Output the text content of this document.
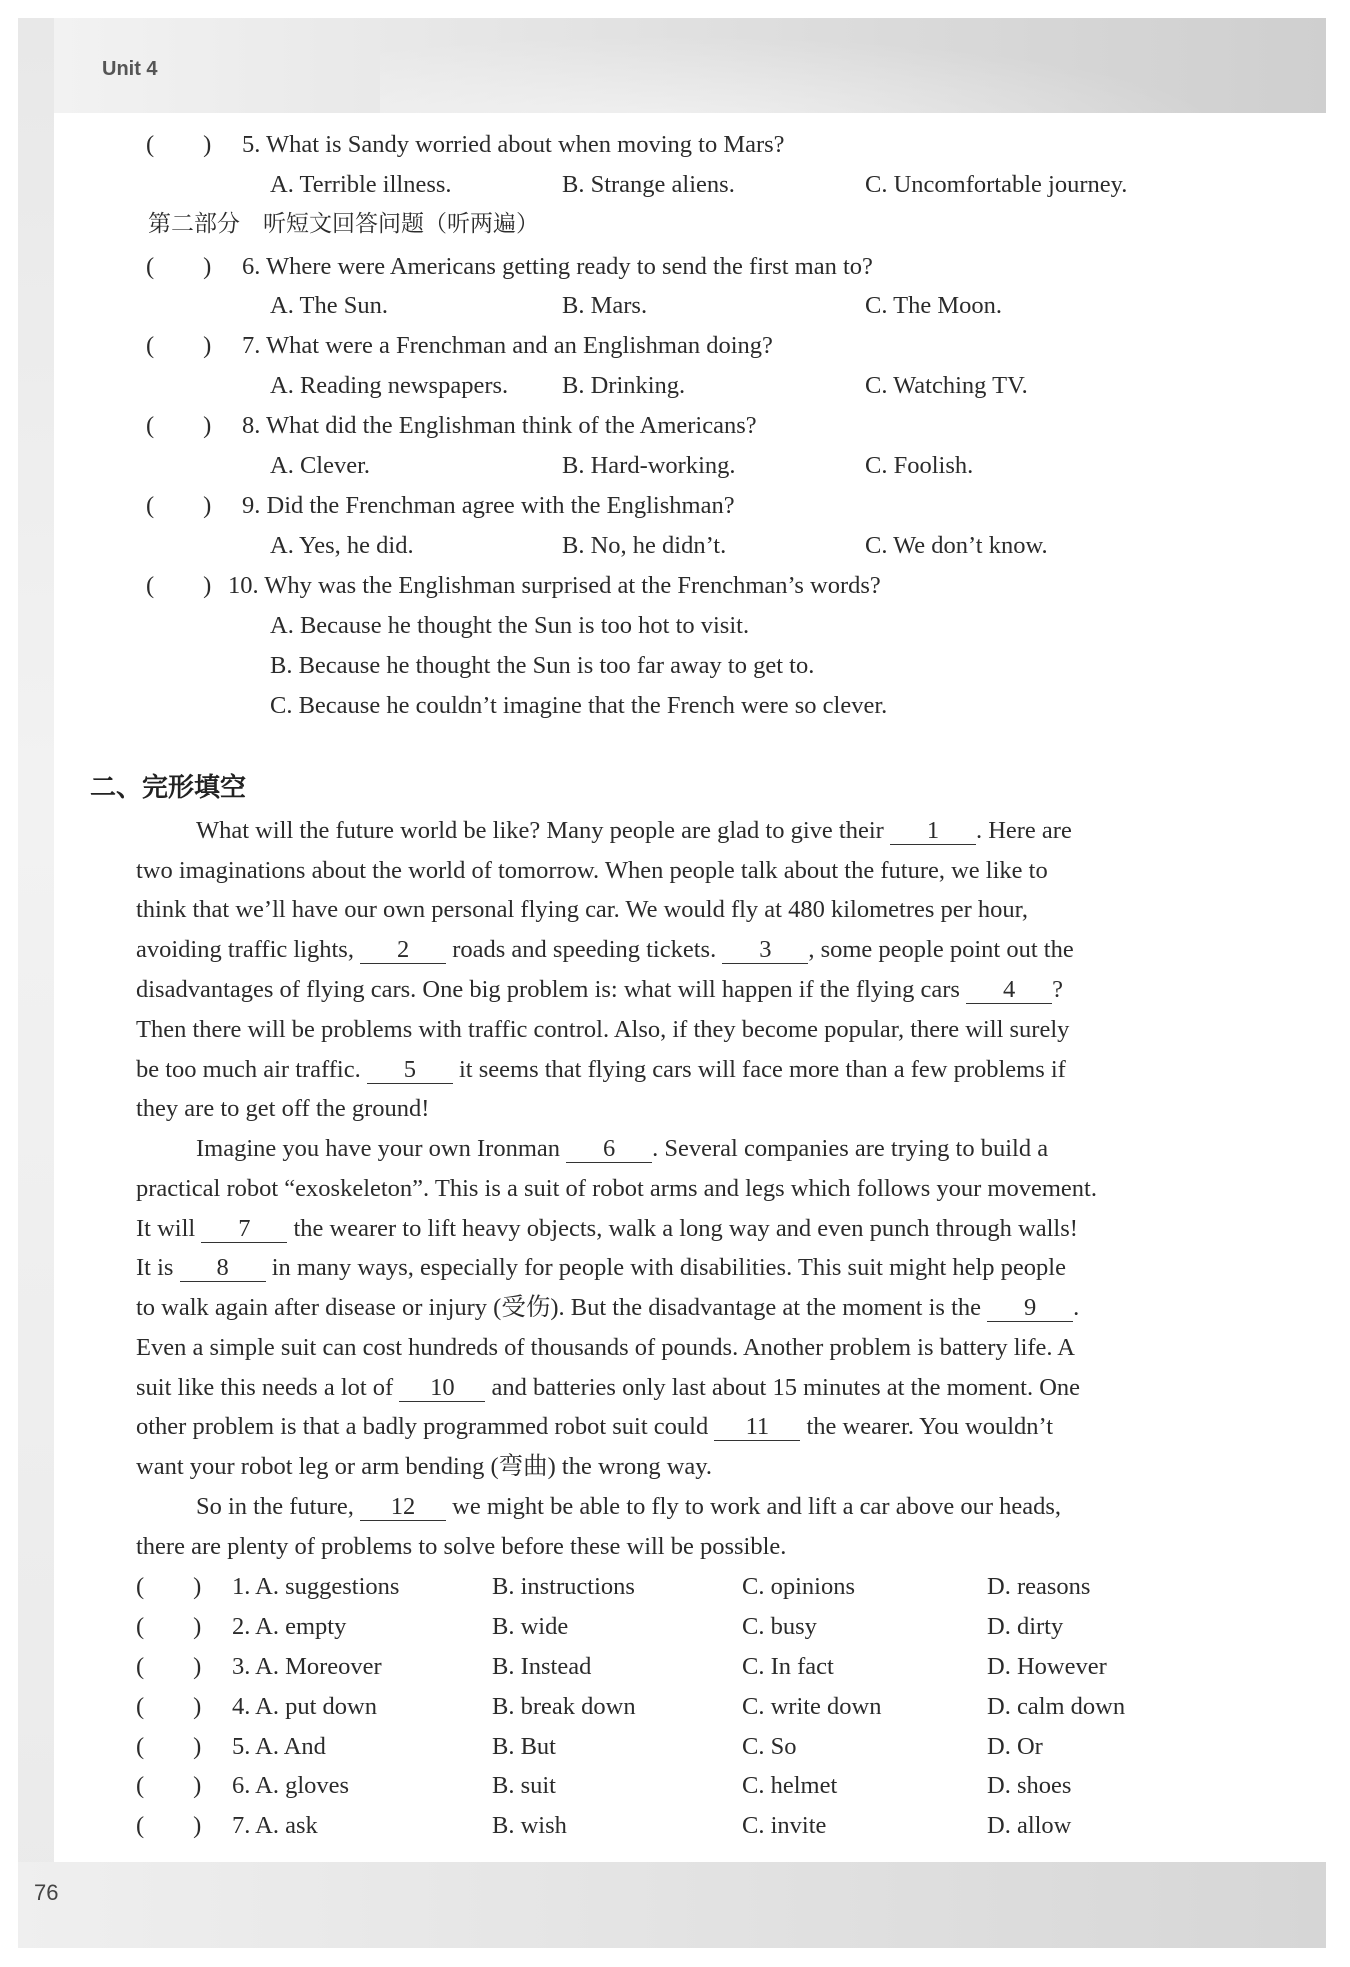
Unit 4
76
(　　) 5. What is Sandy worried about when moving to Mars?
A. Terrible illness.	B. Strange aliens.	C. Uncomfortable journey.
第二部分　听短文回答问题（听两遍）
(　　) 6. Where were Americans getting ready to send the first man to?
A. The Sun.	B. Mars.	C. The Moon.
(　　) 7. What were a Frenchman and an Englishman doing?
A. Reading newspapers. B. Drinking.	C. Watching TV.
(　　) 8. What did the Englishman think of the Americans?
A. Clever.	B. Hard-working.	C. Foolish.
(　　) 9. Did the Frenchman agree with the Englishman?
A. Yes, he did.	B. No, he didn’t.	C. We don’t know.
(　　) 10. Why was the Englishman surprised at the Frenchman’s words?
A. Because he thought the Sun is too hot to visit.
B. Because he thought the Sun is too far away to get to.
C. Because he couldn’t imagine that the French were so clever.
二、完形填空
What will the future world be like? Many people are glad to give their 1 . Here are
two imaginations about the world of tomorrow. When people talk about the future, we like to
think that we’ll have our own personal flying car. We would fly at 480 kilometres per hour,
avoiding traffic lights, 2 roads and speeding tickets. 3 , some people point out the
disadvantages of flying cars. One big problem is: what will happen if the flying cars 4 ?
Then there will be problems with traffic control. Also, if they become popular, there will surely
be too much air traffic. 5 it seems that flying cars will face more than a few problems if
they are to get off the ground!
Imagine you have your own Ironman 6 . Several companies are trying to build a
practical robot “exoskeleton”. This is a suit of robot arms and legs which follows your movement.
It will 7 the wearer to lift heavy objects, walk a long way and even punch through walls!
It is 8 in many ways, especially for people with disabilities. This suit might help people
to walk again after disease or injury (受伤). But the disadvantage at the moment is the 9 .
Even a simple suit can cost hundreds of thousands of pounds. Another problem is battery life. A
suit like this needs a lot of 10 and batteries only last about 15 minutes at the moment. One
other problem is that a badly programmed robot suit could 11 the wearer. You wouldn’t
want your robot leg or arm bending (弯曲) the wrong way.
So in the future, 12 we might be able to fly to work and lift a car above our heads,
there are plenty of problems to solve before these will be possible.
(　　) 1. A. suggestions	B. instructions	C. opinions	D. reasons
(　　) 2. A. empty	B. wide	C. busy	D. dirty
(　　) 3. A. Moreover	B. Instead	C. In fact	D. However
(　　) 4. A. put down	B. break down	C. write down	D. calm down
(　　) 5. A. And	B. But	C. So	D. Or
(　　) 6. A. gloves	B. suit	C. helmet	D. shoes
(　　) 7. A. ask	B. wish	C. invite	D. allow
